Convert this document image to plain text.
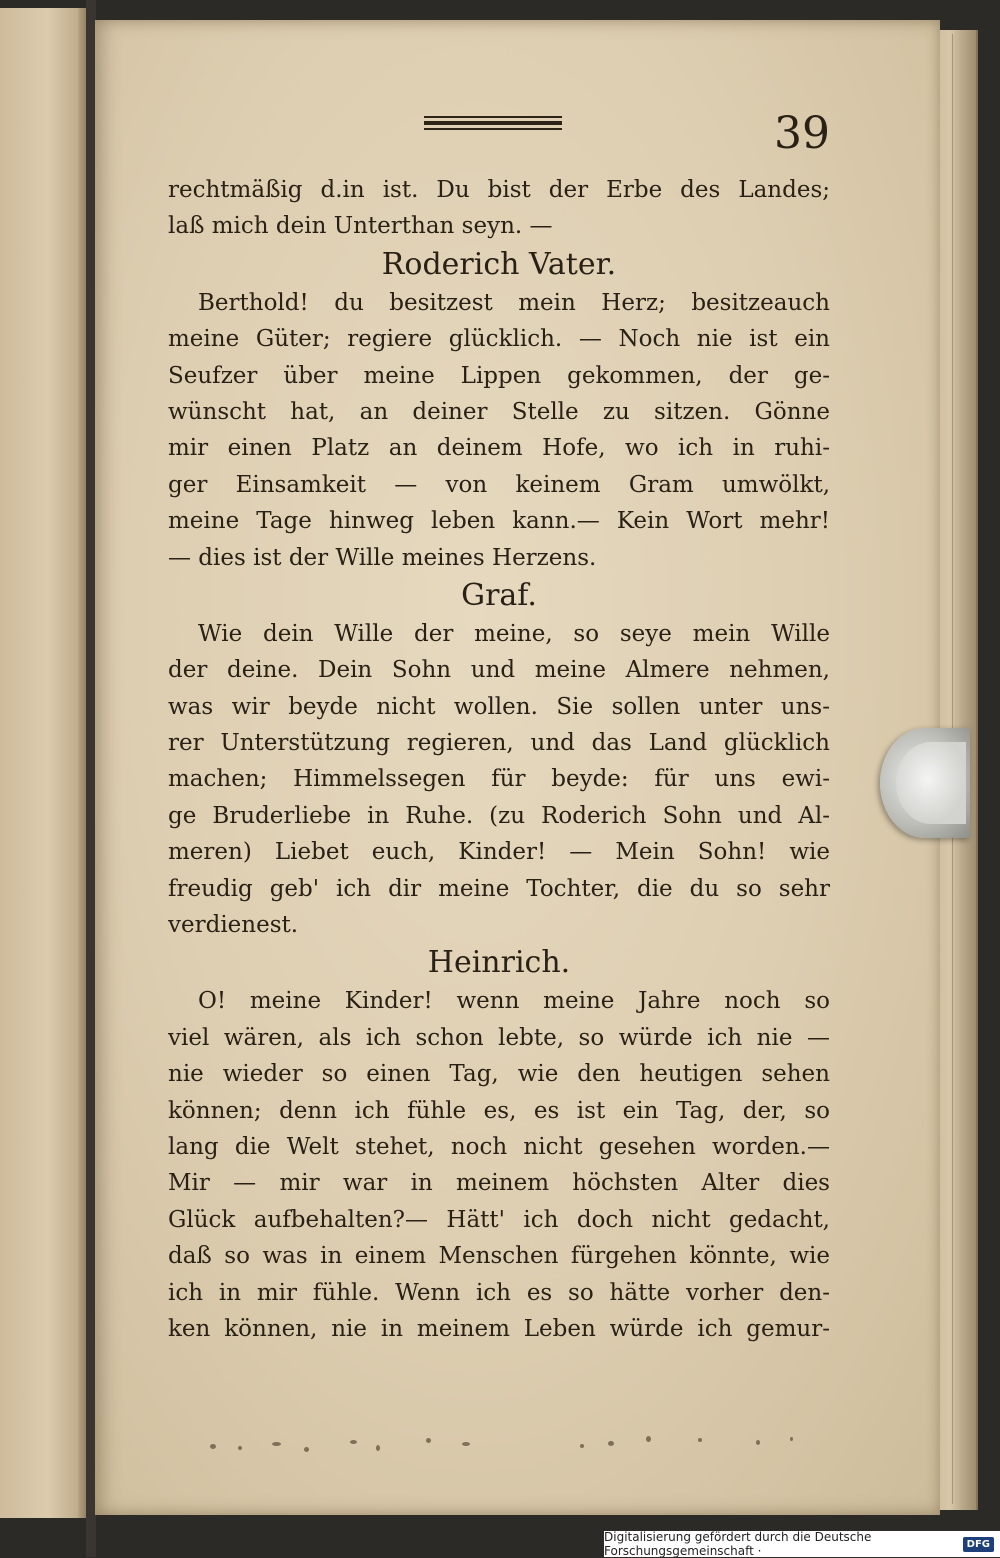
39
rechtmäßig d.in ist. Du bist der Erbe des Landes;
laß mich dein Unterthan seyn. —
Roderich Vater.
Berthold! du besitzest mein Herz; besitzeauch
meine Güter; regiere glücklich. — Noch nie ist ein
Seufzer über meine Lippen gekommen, der ge-
wünscht hat, an deiner Stelle zu sitzen. Gönne
mir einen Platz an deinem Hofe, wo ich in ruhi-
ger Einsamkeit — von keinem Gram umwölkt,
meine Tage hinweg leben kann.— Kein Wort mehr!
— dies ist der Wille meines Herzens.
Graf.
Wie dein Wille der meine, so seye mein Wille
der deine. Dein Sohn und meine Almere nehmen,
was wir beyde nicht wollen. Sie sollen unter uns-
rer Unterstützung regieren, und das Land glücklich
machen; Himmelssegen für beyde: für uns ewi-
ge Bruderliebe in Ruhe. (zu Roderich Sohn und Al-
meren) Liebet euch, Kinder! — Mein Sohn! wie
freudig geb' ich dir meine Tochter, die du so sehr
verdienest.
Heinrich.
O! meine Kinder! wenn meine Jahre noch so
viel wären, als ich schon lebte, so würde ich nie —
nie wieder so einen Tag, wie den heutigen sehen
können; denn ich fühle es, es ist ein Tag, der, so
lang die Welt stehet, noch nicht gesehen worden.—
Mir — mir war in meinem höchsten Alter dies
Glück aufbehalten?— Hätt' ich doch nicht gedacht,
daß so was in einem Menschen fürgehen könnte, wie
ich in mir fühle. Wenn ich es so hätte vorher den-
ken können, nie in meinem Leben würde ich gemur-
Digitalisierung gefördert durch die Deutsche Forschungsgemeinschaft ·	DFG
